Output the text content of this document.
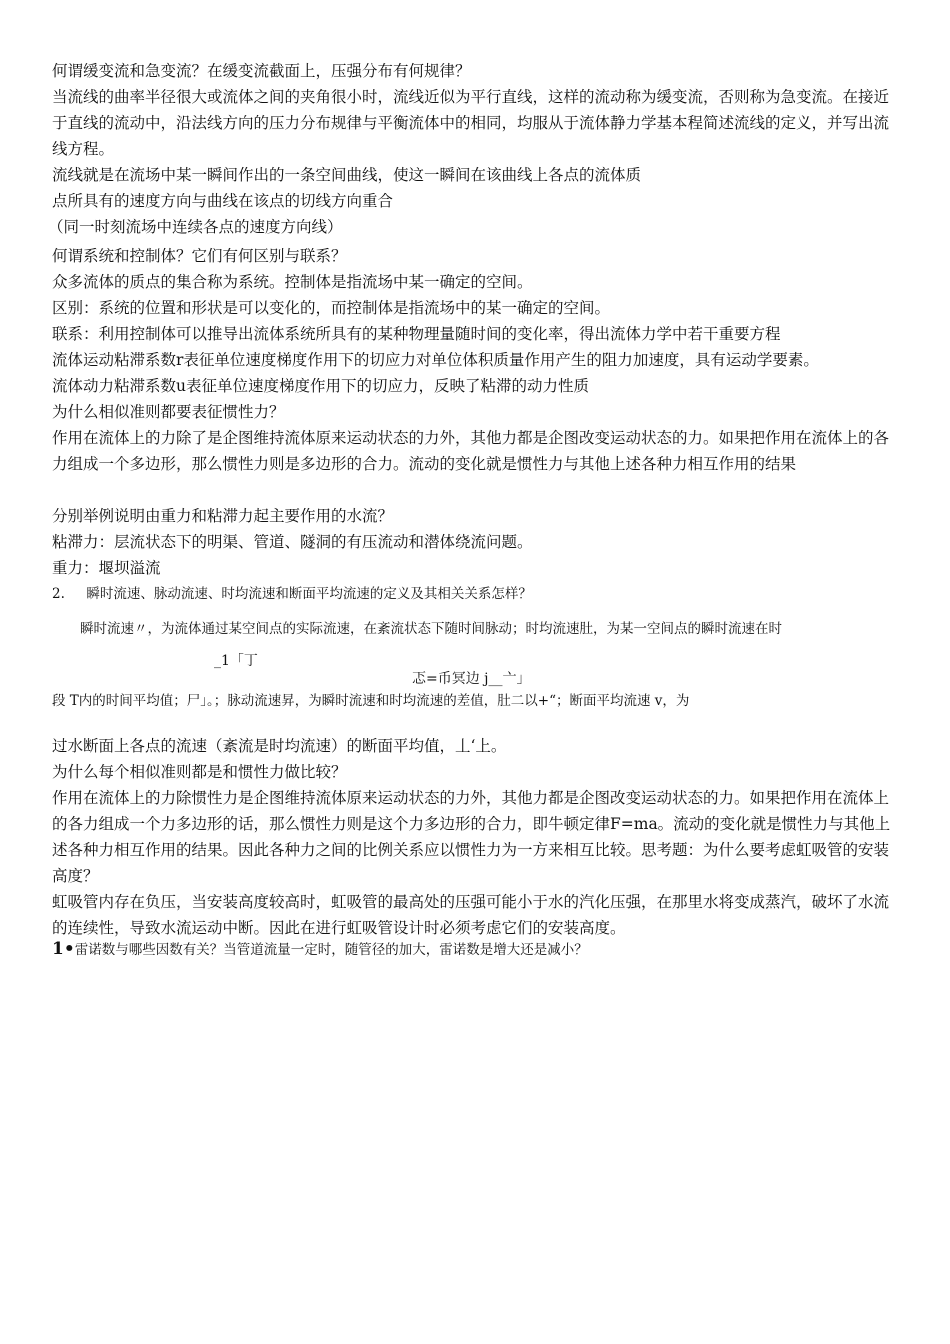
何谓缓变流和急变流？在缓变流截面上，压强分布有何规律？

当流线的曲率半径很大或流体之间的夹角很小时，流线近似为平行直线，这样的流动称为缓变流，否则称为急变流。在接近于直线的流动中，沿法线方向的压力分布规律与平衡流体中的相同，均服从于流体静力学基本程简述流线的定义，并写出流线方程。

流线就是在流场中某一瞬间作出的一条空间曲线，使这一瞬间在该曲线上各点的流体质

点所具有的速度方向与曲线在该点的切线方向重合

（同一时刻流场中连续各点的速度方向线）

何谓系统和控制体？它们有何区别与联系？

众多流体的质点的集合称为系统。控制体是指流场中某一确定的空间。

区别：系统的位置和形状是可以变化的，而控制体是指流场中的某一确定的空间。

联系：利用控制体可以推导出流体系统所具有的某种物理量随时间的变化率，得出流体力学中若干重要方程

流体运动粘滞系数r表征单位速度梯度作用下的切应力对单位体积质量作用产生的阻力加速度，具有运动学要素。

流体动力粘滞系数u表征单位速度梯度作用下的切应力，反映了粘滞的动力性质

为什么相似准则都要表征惯性力？

作用在流体上的力除了是企图维持流体原来运动状态的力外，其他力都是企图改变运动状态的力。如果把作用在流体上的各力组成一个多边形，那么惯性力则是多边形的合力。流动的变化就是惯性力与其他上述各种力相互作用的结果

分别举例说明由重力和粘滞力起主要作用的水流？

粘滞力：层流状态下的明渠、管道、隧洞的有压流动和潜体绕流问题。

重力：堰坝溢流

2. 瞬时流速、脉动流速、时均流速和断面平均流速的定义及其相关关系怎样？

瞬时流速〃，为流体通过某空间点的实际流速，在紊流状态下随时间脉动；时均流速肚，为某一空间点的瞬时流速在时

_1「丁
忑=币冥边 j__亠」

段 T内的时间平均值；尸」。；脉动流速昇，为瞬时流速和时均流速的差值，肚二以+“；断面平均流速 v，为

过水断面上各点的流速（紊流是时均流速）的断面平均值，丄‘上。

为什么每个相似准则都是和惯性力做比较？

作用在流体上的力除惯性力是企图维持流体原来运动状态的力外，其他力都是企图改变运动状态的力。如果把作用在流体上的各力组成一个力多边形的话，那么惯性力则是这个力多边形的合力，即牛顿定律F=ma。流动的变化就是惯性力与其他上述各种力相互作用的结果。因此各种力之间的比例关系应以惯性力为一方来相互比较。思考题：为什么要考虑虹吸管的安装高度？

虹吸管内存在负压，当安装高度较高时，虹吸管的最高处的压强可能小于水的汽化压强，在那里水将变成蒸汽，破坏了水流的连续性，导致水流运动中断。因此在进行虹吸管设计时必须考虑它们的安装高度。

1•雷诺数与哪些因数有关？当管道流量一定时，随管径的加大，雷诺数是增大还是减小？
